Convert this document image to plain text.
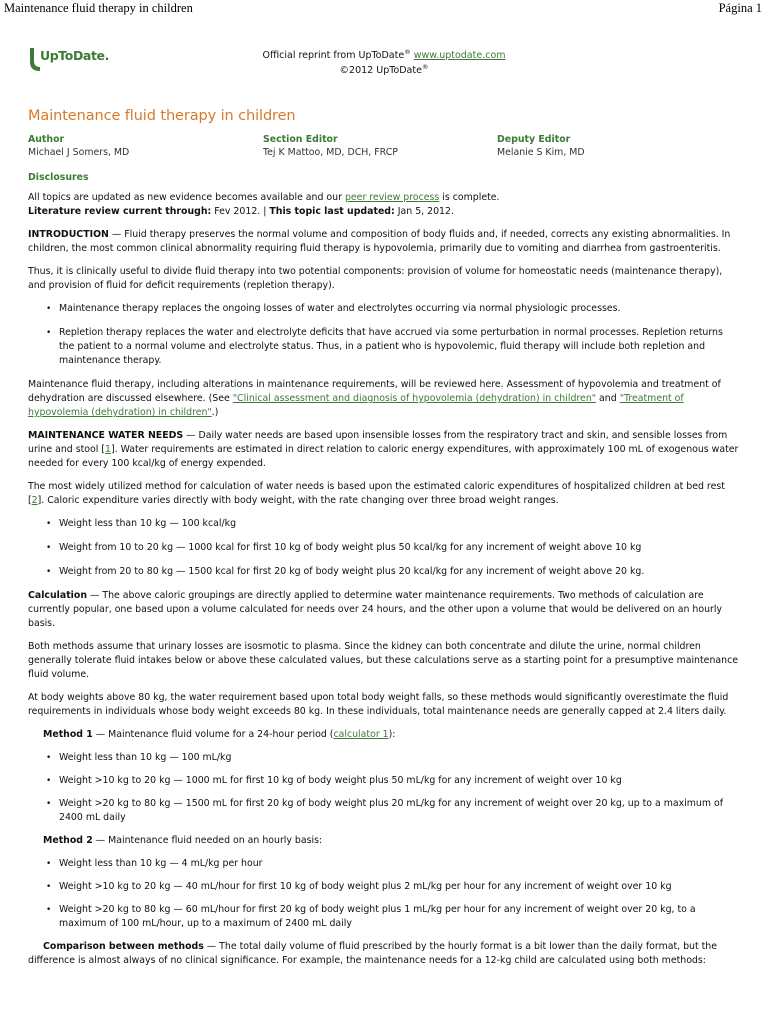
Maintenance fluid therapy in children	Página 1
UpToDate.	Official reprint from UpToDate® www.uptodate.com
©2012 UpToDate®
Maintenance fluid therapy in children
Author
Michael J Somers, MD
Section Editor
Tej K Mattoo, MD, DCH, FRCP
Deputy Editor
Melanie S Kim, MD
Disclosures

All topics are updated as new evidence becomes available and our peer review process is complete.
Literature review current through: Fev 2012. | This topic last updated: Jan 5, 2012.

INTRODUCTION — Fluid therapy preserves the normal volume and composition of body fluids and, if needed, corrects any existing abnormalities. In children, the most common clinical abnormality requiring fluid therapy is hypovolemia, primarily due to vomiting and diarrhea from gastroenteritis.

Thus, it is clinically useful to divide fluid therapy into two potential components: provision of volume for homeostatic needs (maintenance therapy), and provision of fluid for deficit requirements (repletion therapy).

• Maintenance therapy replaces the ongoing losses of water and electrolytes occurring via normal physiologic processes.
• Repletion therapy replaces the water and electrolyte deficits that have accrued via some perturbation in normal processes. Repletion returns the patient to a normal volume and electrolyte status. Thus, in a patient who is hypovolemic, fluid therapy will include both repletion and maintenance therapy.

Maintenance fluid therapy, including alterations in maintenance requirements, will be reviewed here. Assessment of hypovolemia and treatment of dehydration are discussed elsewhere. (See "Clinical assessment and diagnosis of hypovolemia (dehydration) in children" and "Treatment of hypovolemia (dehydration) in children".)

MAINTENANCE WATER NEEDS — Daily water needs are based upon insensible losses from the respiratory tract and skin, and sensible losses from urine and stool [1]. Water requirements are estimated in direct relation to caloric energy expenditures, with approximately 100 mL of exogenous water needed for every 100 kcal/kg of energy expended.

The most widely utilized method for calculation of water needs is based upon the estimated caloric expenditures of hospitalized children at bed rest [2]. Caloric expenditure varies directly with body weight, with the rate changing over three broad weight ranges.

• Weight less than 10 kg — 100 kcal/kg
• Weight from 10 to 20 kg — 1000 kcal for first 10 kg of body weight plus 50 kcal/kg for any increment of weight above 10 kg
• Weight from 20 to 80 kg — 1500 kcal for first 20 kg of body weight plus 20 kcal/kg for any increment of weight above 20 kg.

Calculation — The above caloric groupings are directly applied to determine water maintenance requirements. Two methods of calculation are currently popular, one based upon a volume calculated for needs over 24 hours, and the other upon a volume that would be delivered on an hourly basis.

Both methods assume that urinary losses are isosmotic to plasma. Since the kidney can both concentrate and dilute the urine, normal children generally tolerate fluid intakes below or above these calculated values, but these calculations serve as a starting point for a presumptive maintenance fluid volume.

At body weights above 80 kg, the water requirement based upon total body weight falls, so these methods would significantly overestimate the fluid requirements in individuals whose body weight exceeds 80 kg. In these individuals, total maintenance needs are generally capped at 2.4 liters daily.

Method 1 — Maintenance fluid volume for a 24-hour period (calculator 1):

• Weight less than 10 kg — 100 mL/kg
• Weight >10 kg to 20 kg — 1000 mL for first 10 kg of body weight plus 50 mL/kg for any increment of weight over 10 kg
• Weight >20 kg to 80 kg — 1500 mL for first 20 kg of body weight plus 20 mL/kg for any increment of weight over 20 kg, up to a maximum of 2400 mL daily

Method 2 — Maintenance fluid needed on an hourly basis:

• Weight less than 10 kg — 4 mL/kg per hour
• Weight >10 kg to 20 kg — 40 mL/hour for first 10 kg of body weight plus 2 mL/kg per hour for any increment of weight over 10 kg
• Weight >20 kg to 80 kg — 60 mL/hour for first 20 kg of body weight plus 1 mL/kg per hour for any increment of weight over 20 kg, to a maximum of 100 mL/hour, up to a maximum of 2400 mL daily

Comparison between methods — The total daily volume of fluid prescribed by the hourly format is a bit lower than the daily format, but the difference is almost always of no clinical significance. For example, the maintenance needs for a 12-kg child are calculated using both methods:
